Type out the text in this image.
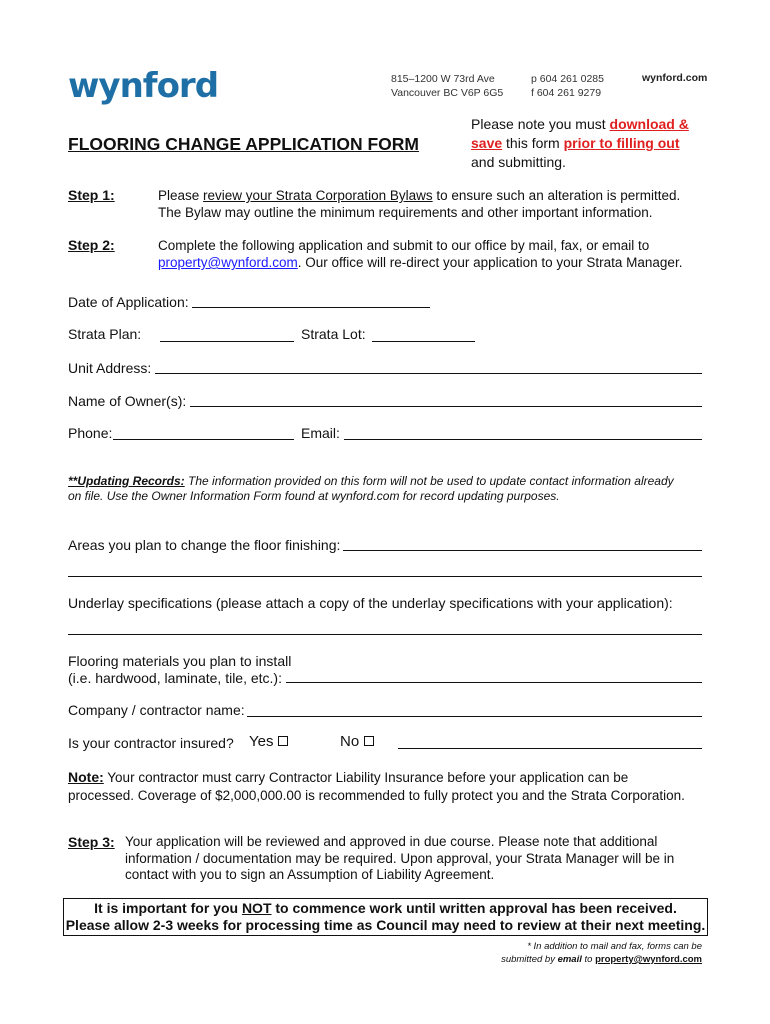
wynford	815–1200 W 73rd Ave
Vancouver BC V6P 6G5
p 604 261 0285
f 604 261 9279
wynford.com
FLOORING CHANGE APPLICATION FORM
Please note you must download &
save this form prior to filling out
and submitting.
Step 1:	Please review your Strata Corporation Bylaws to ensure such an alteration is permitted.
The Bylaw may outline the minimum requirements and other important information.
Step 2:	Complete the following application and submit to our office by mail, fax, or email to
property@wynford.com. Our office will re-direct your application to your Strata Manager.
Date of Application:
Strata Plan:	Strata Lot:
Unit Address:
Name of Owner(s):
Phone:	Email:
**Updating Records: The information provided on this form will not be used to update contact information already
on file. Use the Owner Information Form found at wynford.com for record updating purposes.
Areas you plan to change the floor finishing:
Underlay specifications (please attach a copy of the underlay specifications with your application):
Flooring materials you plan to install
(i.e. hardwood, laminate, tile, etc.):
Company / contractor name:
Is your contractor insured? Yes	No
Note: Your contractor must carry Contractor Liability Insurance before your application can be
processed. Coverage of $2,000,000.00 is recommended to fully protect you and the Strata Corporation.
Step 3: Your application will be reviewed and approved in due course. Please note that additional
information / documentation may be required. Upon approval, your Strata Manager will be in
contact with you to sign an Assumption of Liability Agreement.
It is important for you NOT to commence work until written approval has been received.
Please allow 2-3 weeks for processing time as Council may need to review at their next meeting.
* In addition to mail and fax, forms can be
submitted by email to property@wynford.com
